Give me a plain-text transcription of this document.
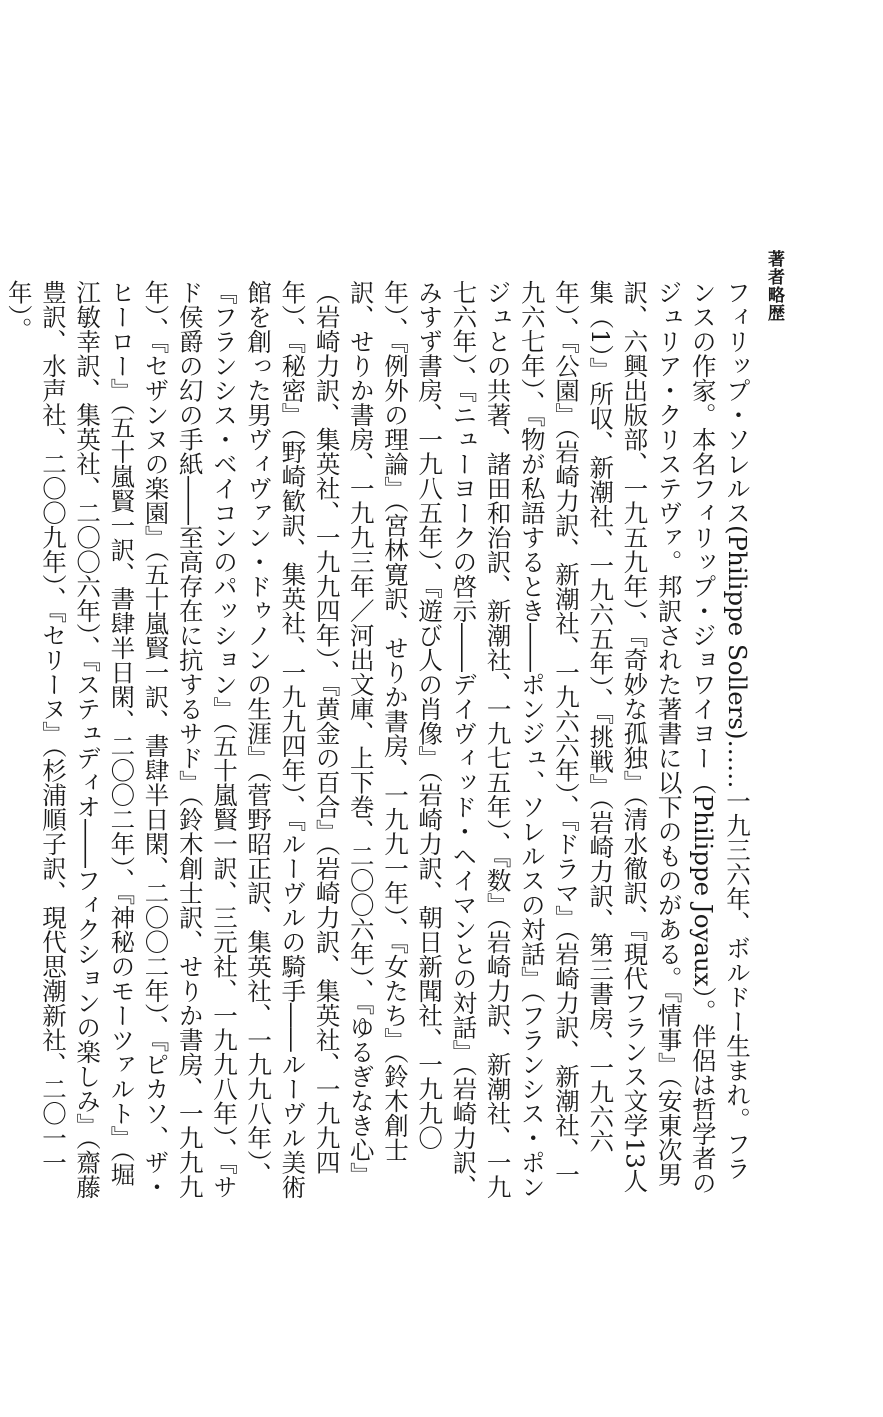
著者略歴

フィリップ・ソレルス(Philippe Sollers)……一九三六年、ボルドー生まれ。フランスの作家。本名フィリップ・ジョワイヨー（Philippe Joyaux）。伴侶は哲学者のジュリア・クリステヴァ。邦訳された著書に以下のものがある。『情事』（安東次男訳、六興出版部、一九五九年）、『奇妙な孤独』（清水徹訳、『現代フランス文学13人集（1）』所収、新潮社、一九六五年）、『挑戦』（岩崎力訳、第三書房、一九六六年）、『公園』（岩崎力訳、新潮社、一九六六年）、『ドラマ』（岩崎力訳、新潮社、一九六七年）、『物が私語するとき――ポンジュ、ソレルスの対話』（フランシス・ポンジュとの共著、諸田和治訳、新潮社、一九七五年）、『数』（岩崎力訳、新潮社、一九七六年）、『ニューヨークの啓示――デイヴィッド・ヘイマンとの対話』（岩崎力訳、みすず書房、一九八五年）、『遊び人の肖像』（岩崎力訳、朝日新聞社、一九九〇年）、『例外の理論』（宮林寛訳、せりか書房、一九九一年）、『女たち』（鈴木創士訳、せりか書房、一九九三年／河出文庫、上下巻、二〇〇六年）、『ゆるぎなき心』（岩崎力訳、集英社、一九九四年）、『黄金の百合』（岩崎力訳、集英社、一九九四年）、『秘密』（野崎歓訳、集英社、一九九四年）、『ルーヴルの騎手――ルーヴル美術館を創った男ヴィヴァン・ドゥノンの生涯』（菅野昭正訳、集英社、一九九八年）、『フランシス・ベイコンのパッション』（五十嵐賢一訳、三元社、一九九八年）、『サド侯爵の幻の手紙――至高存在に抗するサド』（鈴木創士訳、せりか書房、一九九九年）、『セザンヌの楽園』（五十嵐賢一訳、書肆半日閑、二〇〇二年）、『ピカソ、ザ・ヒーロー』（五十嵐賢一訳、書肆半日閑、二〇〇二年）、『神秘のモーツァルト』（堀江敏幸訳、集英社、二〇〇六年）、『ステュディオ――フィクションの楽しみ』（齋藤豊訳、水声社、二〇〇九年）、『セリーヌ』（杉浦順子訳、現代思潮新社、二〇一一年）。
